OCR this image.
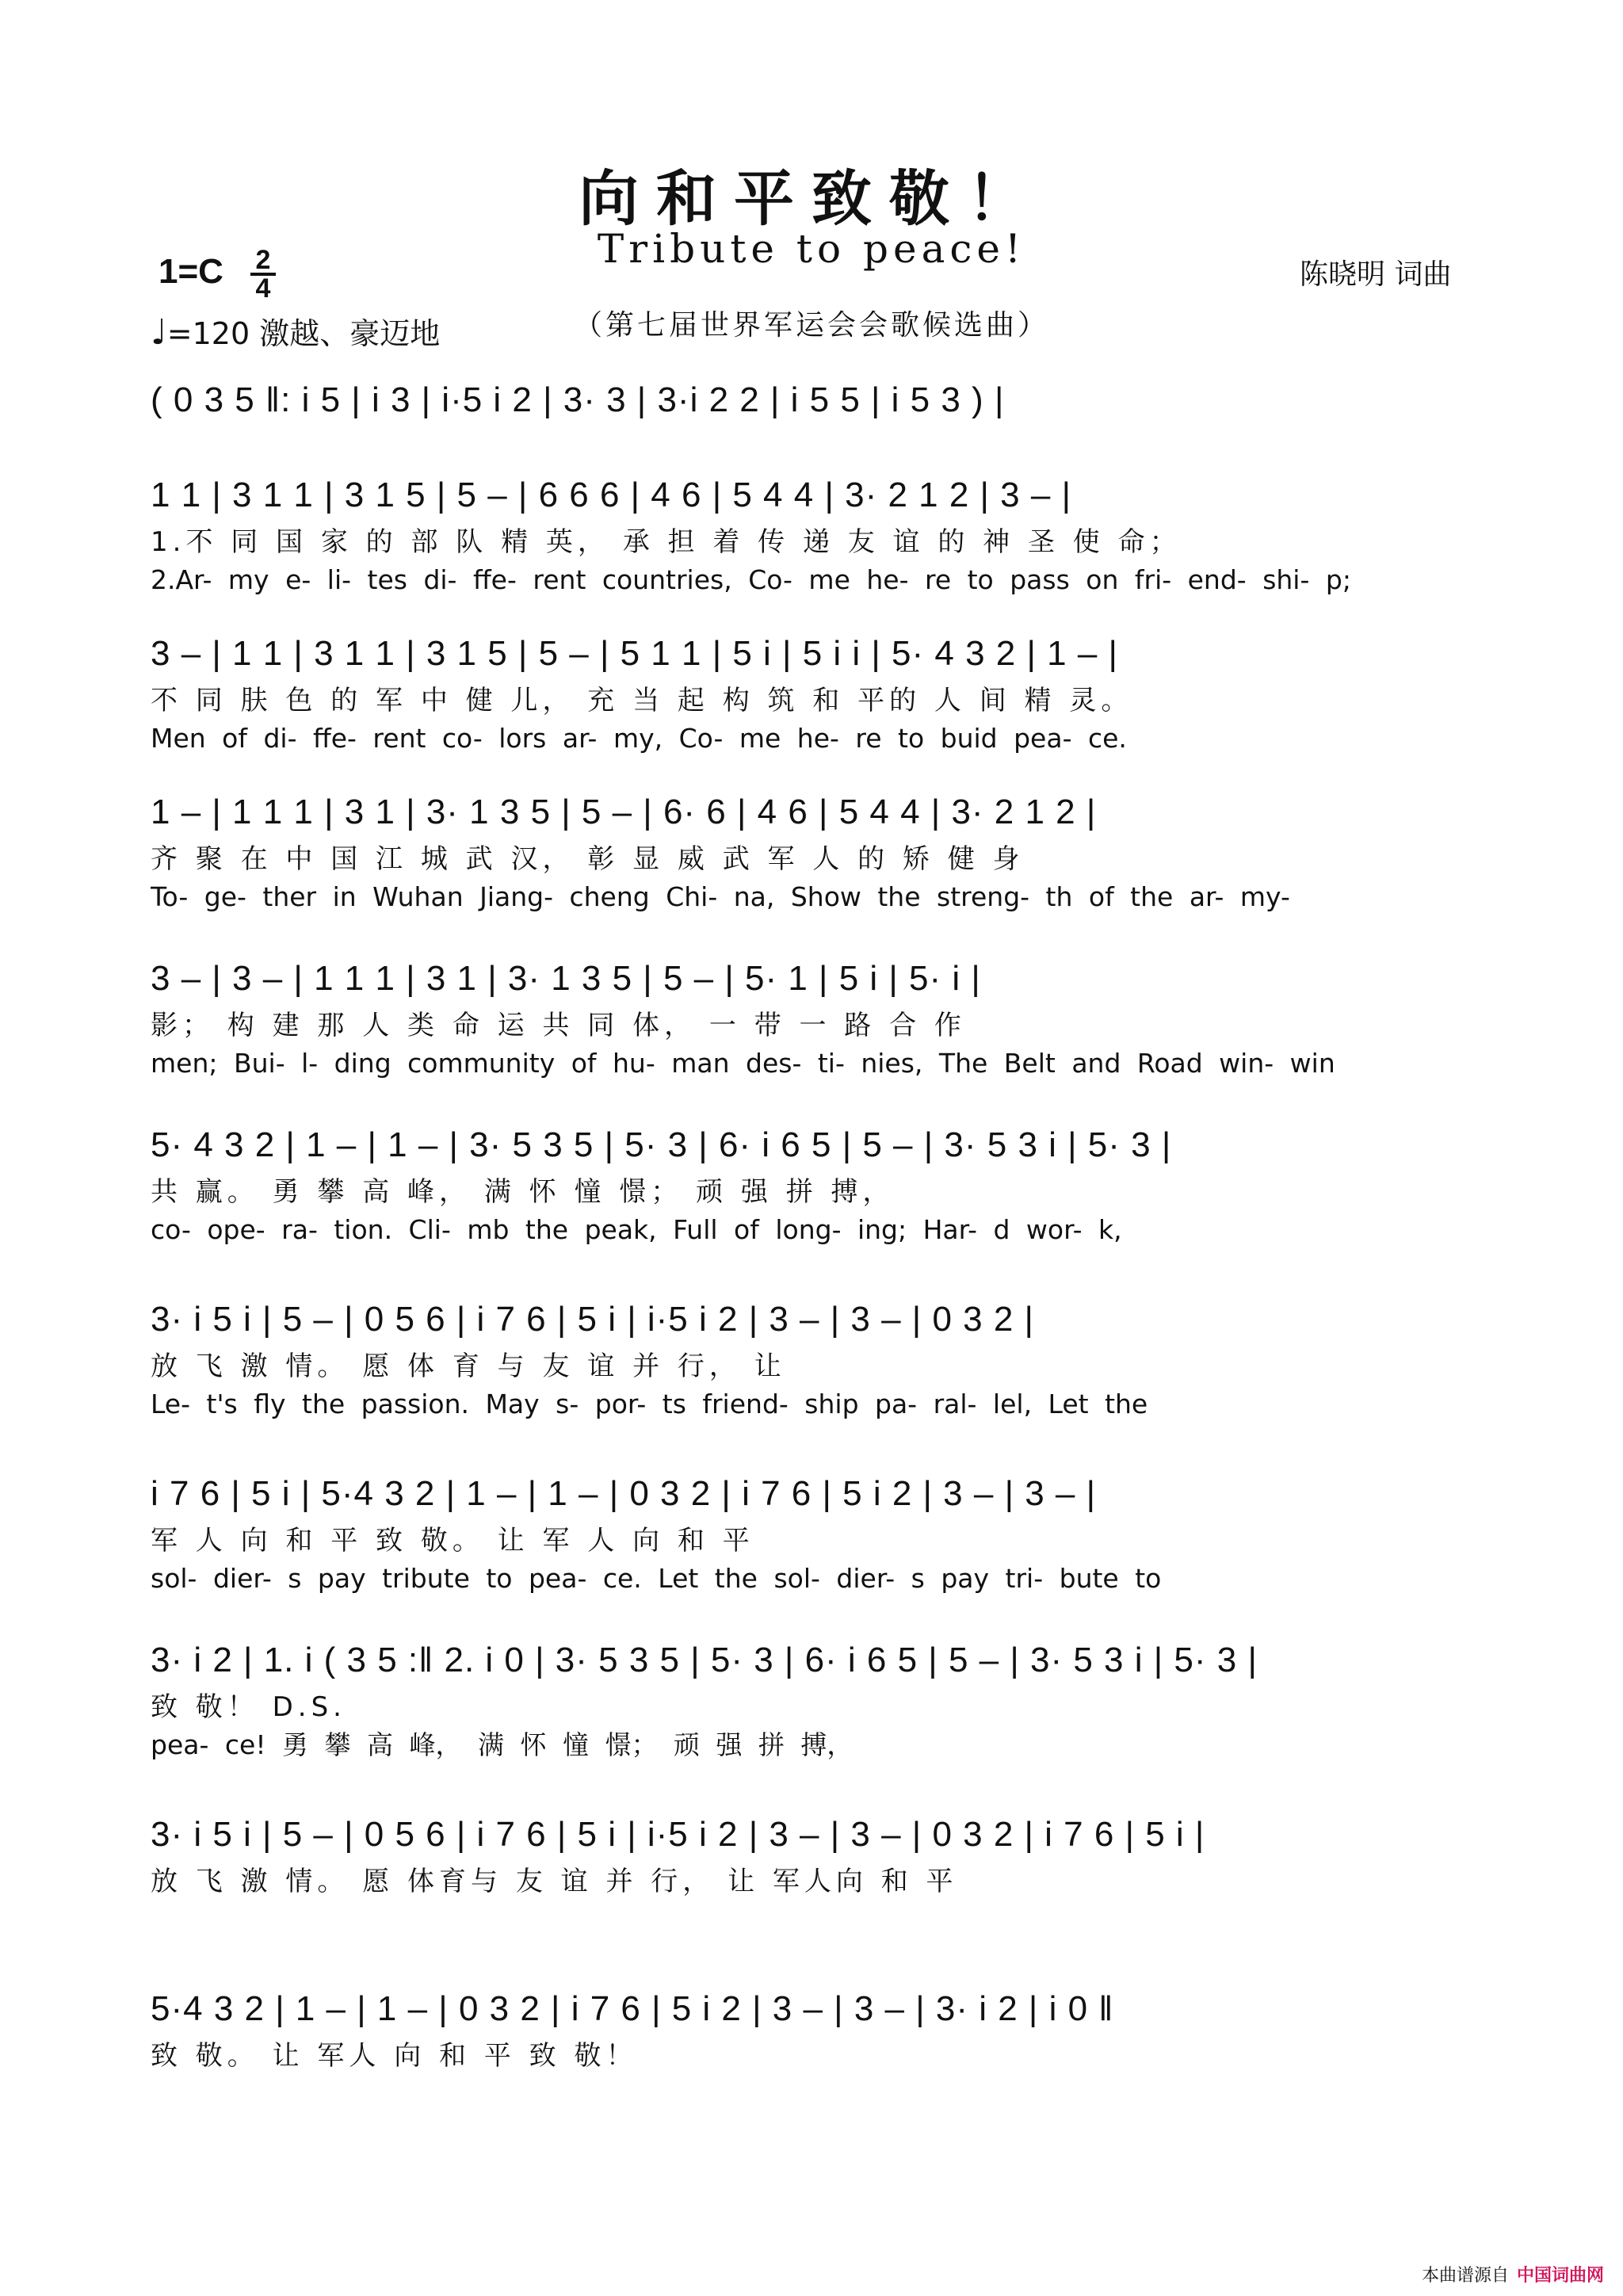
向和平致敬！
Tribute to peace!
（第七届世界军运会会歌候选曲）
陈晓明 词曲
1=C	2
4
♩=120 激越、豪迈地
( 0 3 5 ‖: i 5 | i 3 | i·5 i 2 | 3· 3 | 3·i 2 2 | i 5 5 | i 5 3 ) |
1 1 | 3 1 1 | 3 1 5 | 5 – | 6 6 6 | 4 6 | 5 4 4 | 3· 2 1 2 | 3 – |
1.不 同 国 家 的 部 队 精 英， 承 担 着 传 递 友 谊 的 神 圣 使 命；
2.Ar- my e- li- tes di- ffe- rent countries, Co- me he- re to pass on fri- end- shi- p;
3 – | 1 1 | 3 1 1 | 3 1 5 | 5 – | 5 1 1 | 5 i | 5 i i | 5· 4 3 2 | 1 – |
不 同 肤 色 的 军 中 健 儿， 充 当 起 构 筑 和 平的 人 间 精 灵。
Men of di- ffe- rent co- lors ar- my, Co- me he- re to buid pea- ce.
1 – | 1 1 1 | 3 1 | 3· 1 3 5 | 5 – | 6· 6 | 4 6 | 5 4 4 | 3· 2 1 2 |
齐 聚 在 中 国 江 城 武 汉， 彰 显 威 武 军 人 的 矫 健 身
To- ge- ther in Wuhan Jiang- cheng Chi- na, Show the streng- th of the ar- my-
3 – | 3 – | 1 1 1 | 3 1 | 3· 1 3 5 | 5 – | 5· 1 | 5 i | 5· i |
影； 构 建 那 人 类 命 运 共 同 体， 一 带 一 路 合 作
men; Bui- l- ding community of hu- man des- ti- nies, The Belt and Road win- win
5· 4 3 2 | 1 – | 1 – | 3· 5 3 5 | 5· 3 | 6· i 6 5 | 5 – | 3· 5 3 i | 5· 3 |
共 赢。 勇 攀 高 峰， 满 怀 憧 憬； 顽 强 拼 搏，
co- ope- ra- tion. Cli- mb the peak, Full of long- ing; Har- d wor- k,
3· i 5 i | 5 – | 0 5 6 | i 7 6 | 5 i | i·5 i 2 | 3 – | 3 – | 0 3 2 |
放 飞 激 情。 愿 体 育 与 友 谊 并 行， 让
Le- t's fly the passion. May s- por- ts friend- ship pa- ral- lel, Let the
i 7 6 | 5 i | 5·4 3 2 | 1 – | 1 – | 0 3 2 | i 7 6 | 5 i 2 | 3 – | 3 – |
军 人 向 和 平 致 敬。 让 军 人 向 和 平
sol- dier- s pay tribute to pea- ce. Let the sol- dier- s pay tri- bute to
3· i 2 | 1. i ( 3 5 :‖ 2. i 0 | 3· 5 3 5 | 5· 3 | 6· i 6 5 | 5 – | 3· 5 3 i | 5· 3 |
致 敬！ D.S.
pea- ce! 勇 攀 高 峰， 满 怀 憧 憬； 顽 强 拼 搏，
3· i 5 i | 5 – | 0 5 6 | i 7 6 | 5 i | i·5 i 2 | 3 – | 3 – | 0 3 2 | i 7 6 | 5 i |
放 飞 激 情。 愿 体育与 友 谊 并 行， 让 军人向 和 平
5·4 3 2 | 1 – | 1 – | 0 3 2 | i 7 6 | 5 i 2 | 3 – | 3 – | 3· i 2 | i 0 ‖
致 敬。 让 军人 向 和 平 致 敬！
本曲谱源自 中国词曲网
